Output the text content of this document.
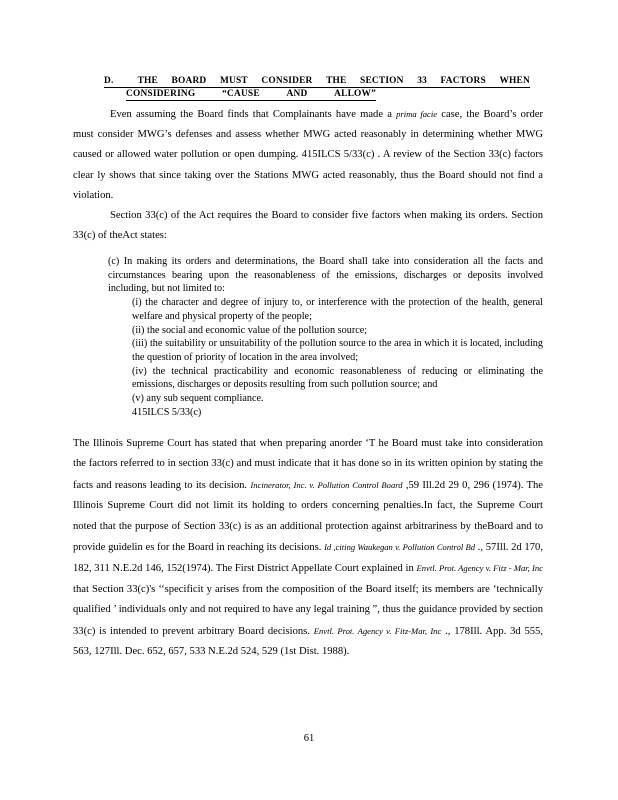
D.	THE BOARD MUST CONSIDER THE SECTION 33 FACTORS WHEN
CONSIDERING	“CAUSE	AND	ALLOW”

Even assuming the Board finds that Complainants have made a prima facie case, the Board’s order must consider MWG’s defenses and assess whether MWG acted reasonably in determining whether MWG caused or allowed water pollution or open dumping. 415ILCS 5/33(c) . A review of the Section 33(c) factors clear ly shows that since taking over the Stations MWG acted reasonably, thus the Board should not find a violation.

Section 33(c) of the Act requires the Board to consider five factors when making its orders. Section 33(c) of theAct states:

(c) In making its orders and determinations, the Board shall take into consideration all the facts and circumstances bearing upon the reasonableness of the emissions, discharges or deposits involved including, but not limited to:

(i) the character and degree of injury to, or interference with the protection of the health, general welfare and physical property of the people;

(ii) the social and economic value of the pollution source;

(iii) the suitability or unsuitability of the pollution source to the area in which it is located, including the question of priority of location in the area involved;

(iv) the technical practicability and economic reasonableness of reducing or eliminating the emissions, discharges or deposits resulting from such pollution source; and

(v) any sub sequent compliance.

415ILCS 5/33(c)

The Illinois Supreme Court has stated that when preparing anorder ‘T he Board must take into consideration the factors referred to in section 33(c) and must indicate that it has done so in its written opinion by stating the facts and reasons leading to its decision. Incinerator, Inc. v. Pollution Control Board ,59 Ill.2d 29 0, 296 (1974). The Illinois Supreme Court did not limit its holding to orders concerning penalties.In fact, the Supreme Court noted that the purpose of Section 33(c) is as an additional protection against arbitrariness by theBoard and to provide guidelin es for the Board in reaching its decisions. Id ,citing Waukegan v. Pollution Control Bd ., 57Ill. 2d 170, 182, 311 N.E.2d 146, 152(1974). The First District Appellate Court explained in Envtl. Prot. Agency v. Fitz - Mar, Inc that Section 33(c)'s ‘‘specificit y arises from the composition of the Board itself; its members are ‘technically qualified ’ individuals only and not required to have any legal training ”, thus the guidance provided by section 33(c) is intended to prevent arbitrary Board decisions. Envtl. Prot. Agency v. Fitz-Mar, Inc ., 178Ill. App. 3d 555, 563, 127Ill. Dec. 652, 657, 533 N.E.2d 524, 529 (1st Dist. 1988).

61
